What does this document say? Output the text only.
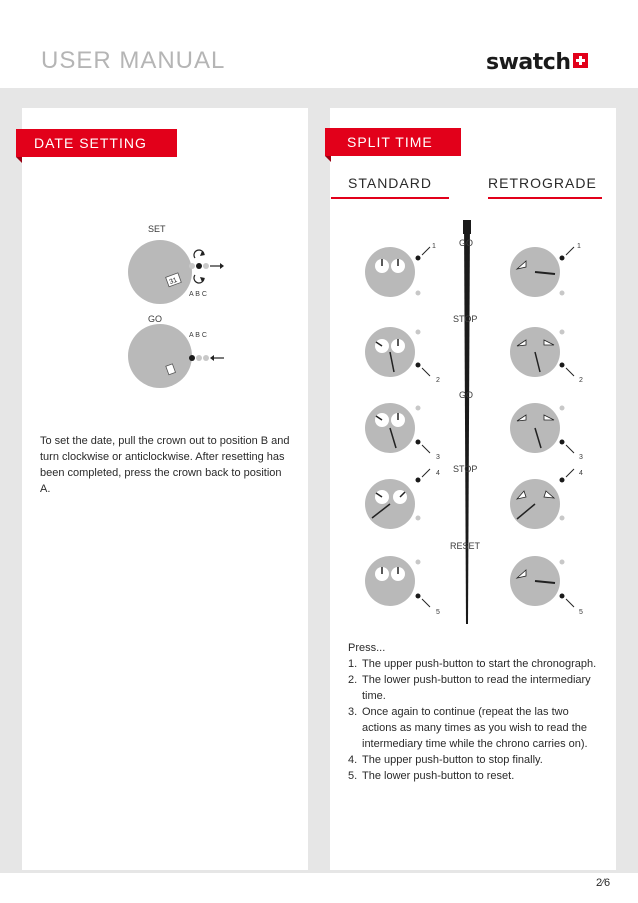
USER MANUAL	swatch
DATE SETTING	SPLIT TIME
STANDARD	RETROGRADE
SET
31
A B C
GO
A B C
To set the date, pull the crown out to position B and turn clockwise or anticlockwise. After resetting has been completed, press the crown back to position A.
GO
STOP
GO
STOP
RESET
1
2
3
4
5
1
2
3
4
5
Press...
1. The upper push-button to start the chronograph.
2. The lower push-button to read the intermediary time.
3. Once again to continue (repeat the las two actions as many times as you wish to read the intermediary time while the chrono carries on).
4. The upper push-button to stop finally.
5. The lower push-button to reset.
2⁄6
